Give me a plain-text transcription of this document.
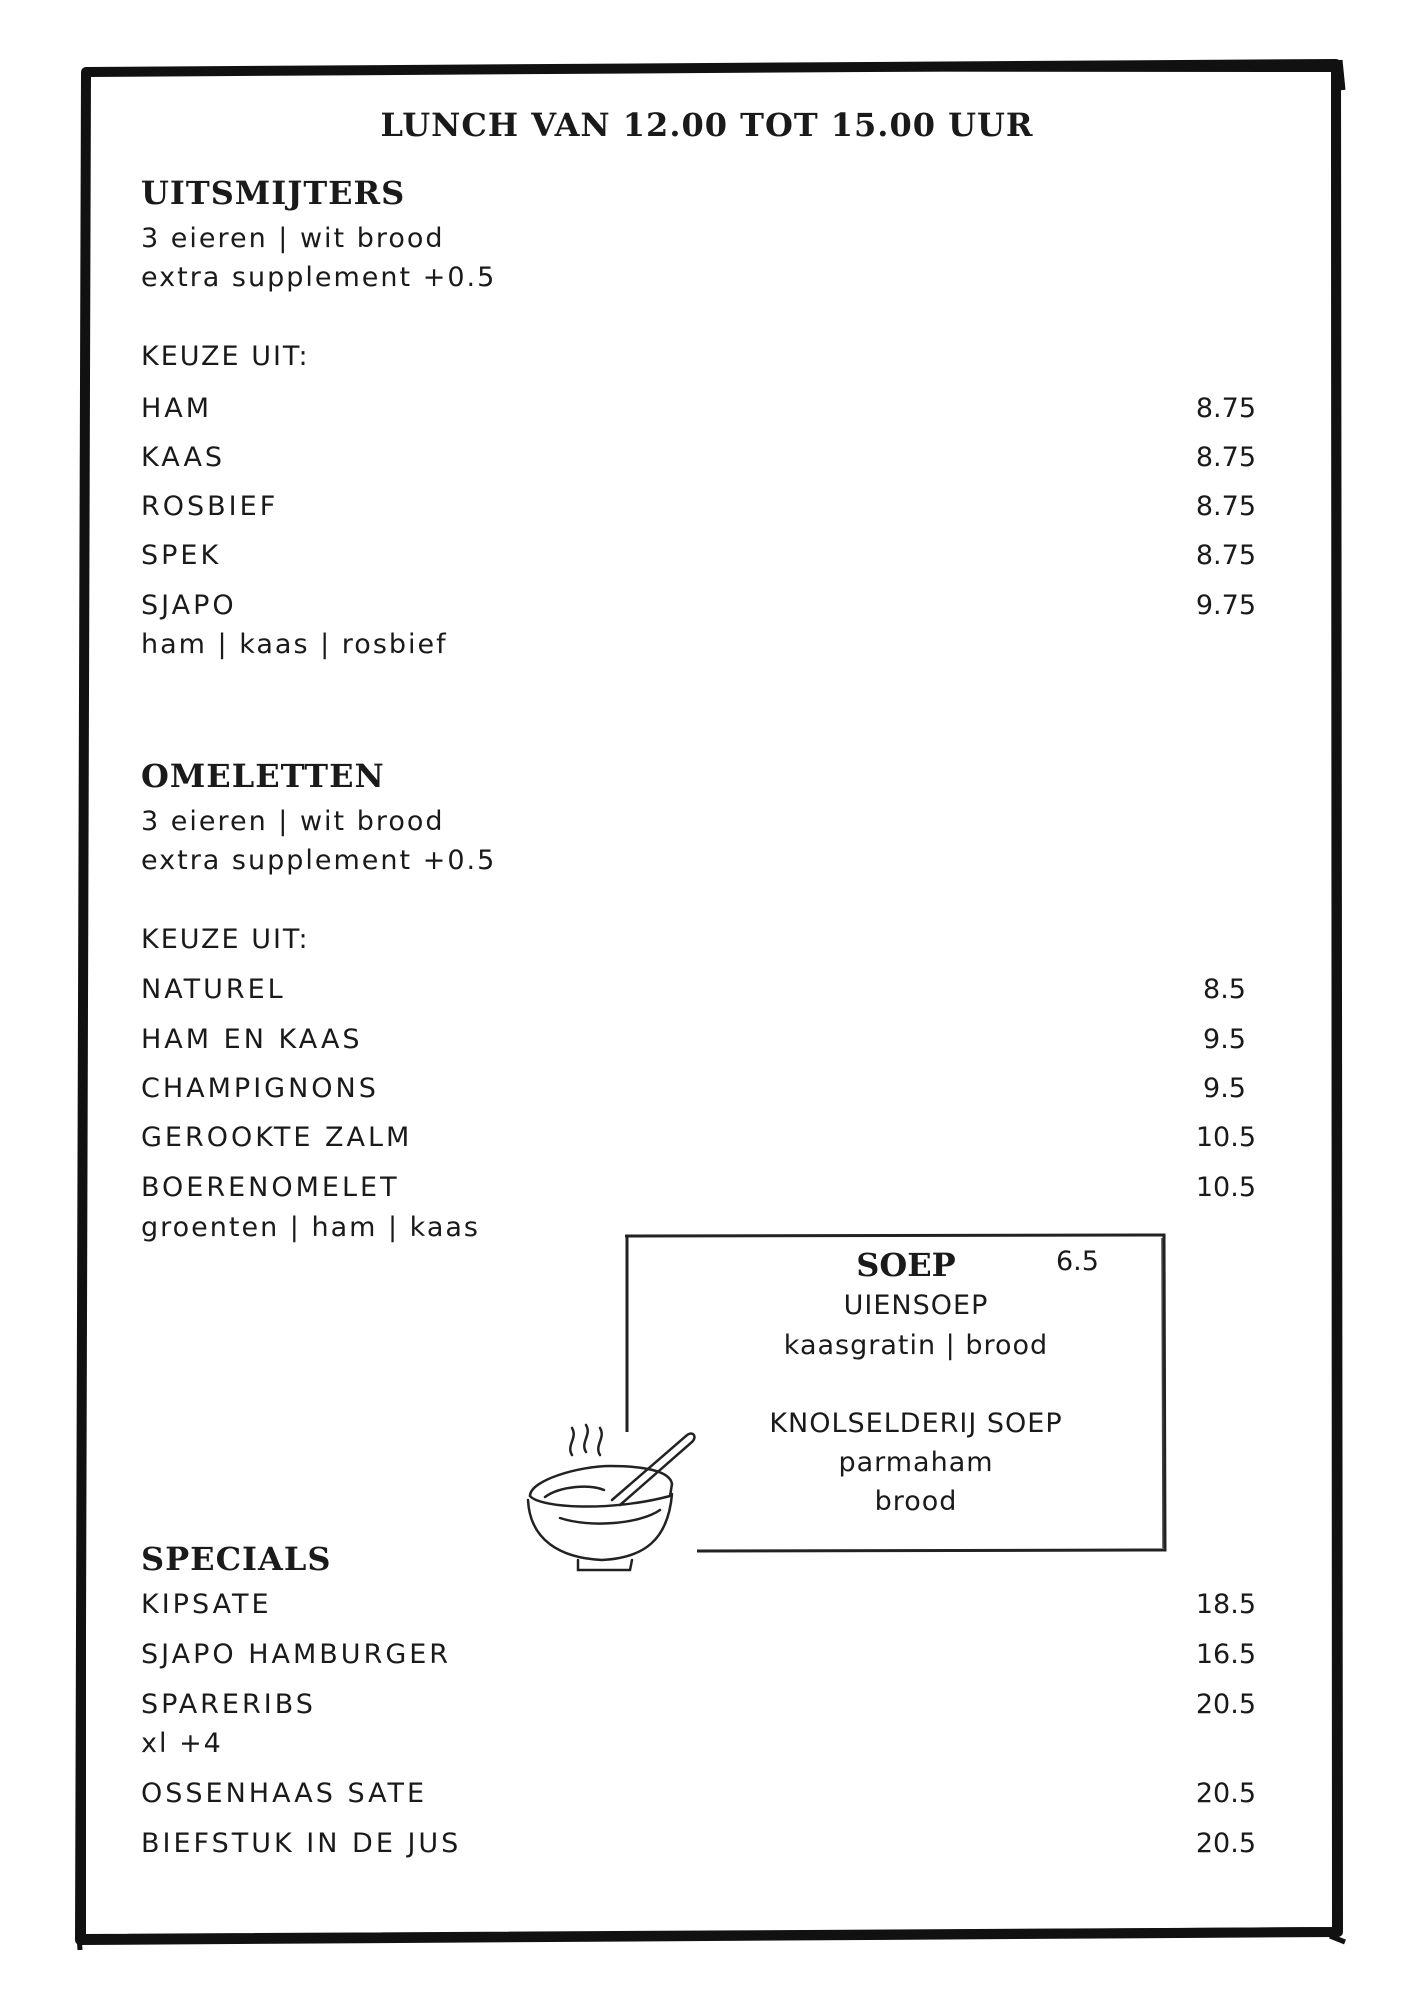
LUNCH VAN 12.00 TOT 15.00 UUR
UITSMIJTERS
3 eieren | wit brood
extra supplement +0.5
KEUZE UIT:
HAM	8.75
KAAS	8.75
ROSBIEF	8.75
SPEK	8.75
SJAPO	9.75
ham | kaas | rosbief
OMELETTEN
3 eieren | wit brood
extra supplement +0.5
KEUZE UIT:
NATUREL	8.5
HAM EN KAAS	9.5
CHAMPIGNONS	9.5
GEROOKTE ZALM	10.5
BOERENOMELET	10.5
groenten | ham | kaas
SOEP	6.5
UIENSOEP
kaasgratin | brood
KNOLSELDERIJ SOEP
parmaham
brood
SPECIALS
KIPSATE	18.5
SJAPO HAMBURGER	16.5
SPARERIBS	20.5
xl +4
OSSENHAAS SATE	20.5
BIEFSTUK IN DE JUS	20.5
